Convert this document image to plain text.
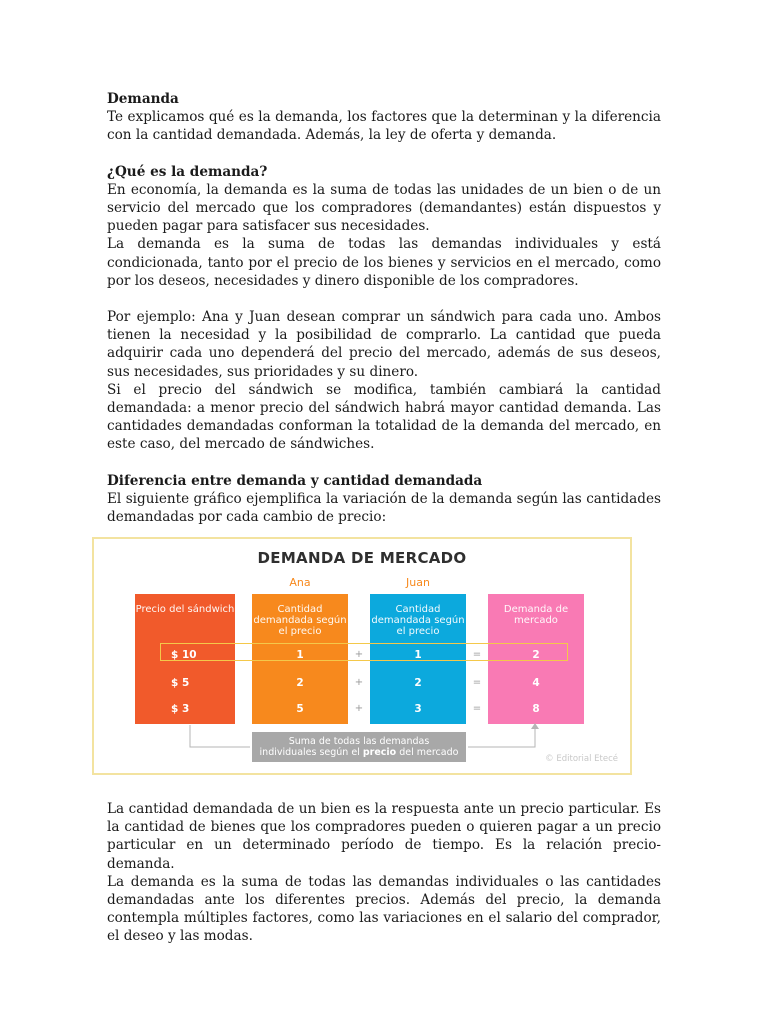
Demanda

Te explicamos qué es la demanda, los factores que la determinan y la diferencia con la cantidad demandada. Además, la ley de oferta y demanda.

¿Qué es la demanda?

En economía, la demanda es la suma de todas las unidades de un bien o de un servicio del mercado que los compradores (demandantes) están dispuestos y pueden pagar para satisfacer sus necesidades.

La demanda es la suma de todas las demandas individuales y está condicionada, tanto por el precio de los bienes y servicios en el mercado, como por los deseos, necesidades y dinero disponible de los compradores.

Por ejemplo: Ana y Juan desean comprar un sándwich para cada uno. Ambos tienen la necesidad y la posibilidad de comprarlo. La cantidad que pueda adquirir cada uno dependerá del precio del mercado, además de sus deseos, sus necesidades, sus prioridades y su dinero.

Si el precio del sándwich se modifica, también cambiará la cantidad demandada: a menor precio del sándwich habrá mayor cantidad demanda. Las cantidades demandadas conforman la totalidad de la demanda del mercado, en este caso, del mercado de sándwiches.

Diferencia entre demanda y cantidad demandada

El siguiente gráfico ejemplifica la variación de la demanda según las cantidades demandadas por cada cambio de precio:

DEMANDA DE MERCADO
Ana	Juan
Precio del sándwich
$ 10
$ 5
$ 3
Cantidad demandada según el precio
1
2
5
Cantidad demandada según el precio
1
2
3
Demanda de mercado
2
4
8
+
+
+
=
=
=
Suma de todas las demandas
individuales según el precio del mercado
© Editorial Etecé

La cantidad demandada de un bien es la respuesta ante un precio particular. Es la cantidad de bienes que los compradores pueden o quieren pagar a un precio particular en un determinado período de tiempo. Es la relación precio-demanda.

La demanda es la suma de todas las demandas individuales o las cantidades demandadas ante los diferentes precios. Además del precio, la demanda contempla múltiples factores, como las variaciones en el salario del comprador, el deseo y las modas.
